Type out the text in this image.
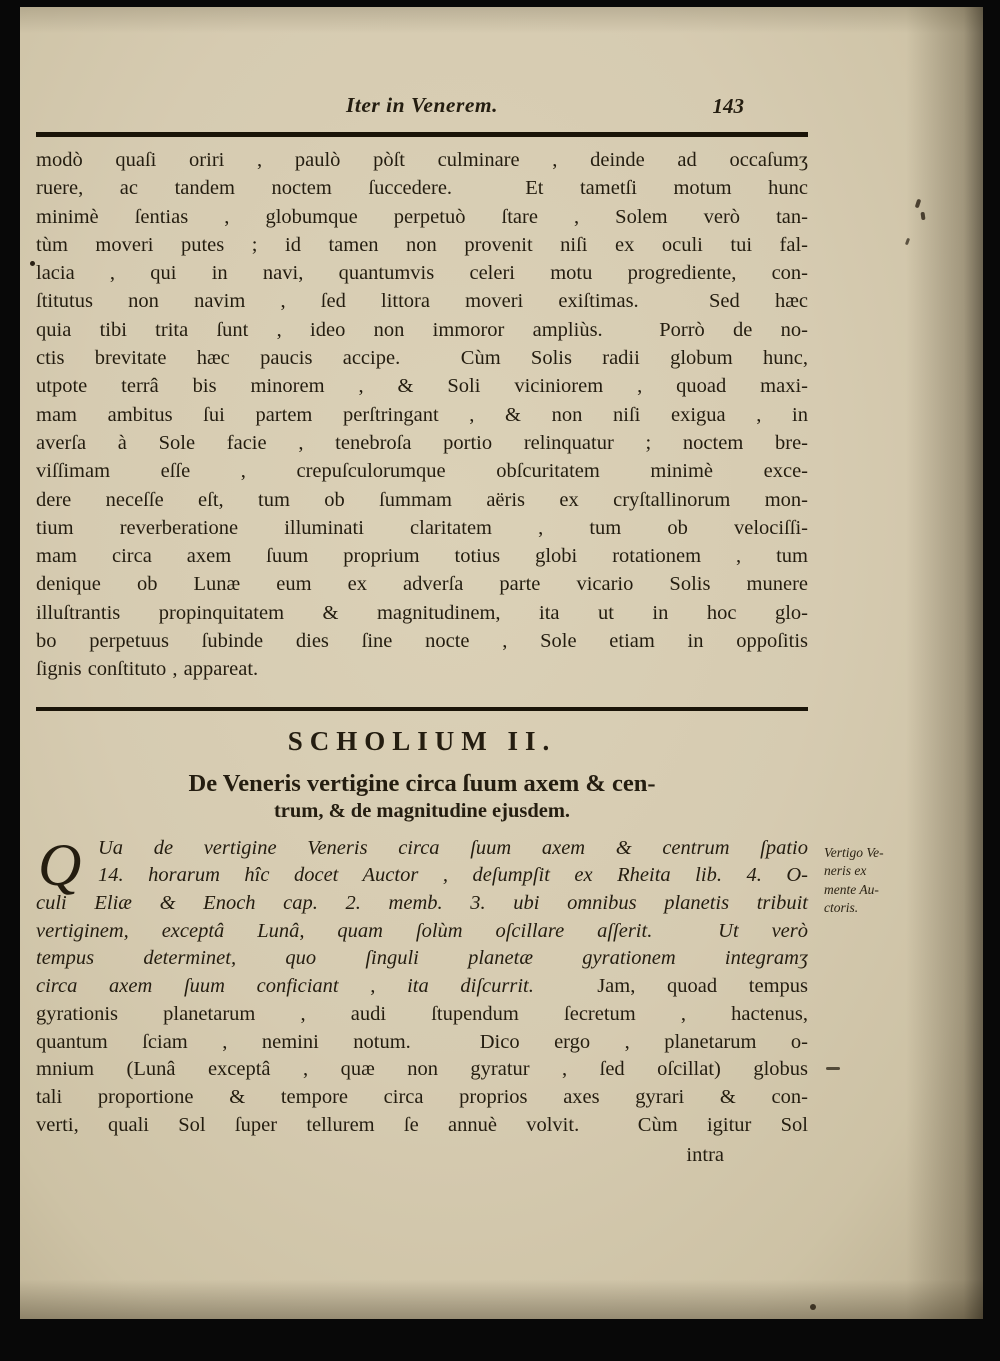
Iter in Venerem.	143
modò quaſi oriri , paulò pòſt culminare , deinde ad occaſumʒ
ruere, ac tandem noctem ſuccedere.  Et tametſi motum hunc
minimè ſentias , globumque perpetuò ſtare , Solem verò tan-
tùm moveri putes ; id tamen non provenit niſi ex oculi tui fal-
lacia , qui in navi, quantumvis celeri motu progrediente, con-
ſtitutus non navim , ſed littora moveri exiſtimas.  Sed hæc
quia tibi trita ſunt , ideo non immoror ampliùs.  Porrò de no-
ctis brevitate hæc paucis accipe.  Cùm Solis radii globum hunc,
utpote terrâ bis minorem , & Soli viciniorem , quoad maxi-
mam ambitus ſui partem perſtringant , & non niſi exigua , in
averſa à Sole facie , tenebroſa portio relinquatur ; noctem bre-
viſſimam eſſe , crepuſculorumque obſcuritatem minimè exce-
dere neceſſe eſt, tum ob ſummam aëris ex cryſtallinorum mon-
tium reverberatione illuminati claritatem , tum ob velociſſi-
mam circa axem ſuum proprium totius globi rotationem , tum
denique ob Lunæ eum ex adverſa parte vicario Solis munere
illuſtrantis propinquitatem & magnitudinem, ita ut in hoc glo-
bo perpetuus ſubinde dies ſine nocte , Sole etiam in oppoſitis
ſignis conſtituto , appareat.
SCHOLIUM II.
De Veneris vertigine circa ſuum axem & cen-
trum, & de magnitudine ejusdem.
Q	Vertigo Ve-
neris ex
mente Au-
ctoris.
Ua de vertigine Veneris circa ſuum axem & centrum ſpatio
14. horarum hîc docet Auctor , deſumpſit ex Rheita lib. 4. O-
culi Eliæ & Enoch cap. 2. memb. 3. ubi omnibus planetis tribuit
vertiginem, exceptâ Lunâ, quam ſolùm oſcillare aſſerit.  Ut verò
tempus determinet, quo ſinguli planetæ gyrationem integramʒ
circa axem ſuum conficiant , ita diſcurrit.  Jam, quoad tempus
gyrationis planetarum , audi ſtupendum ſecretum , hactenus,
quantum ſciam , nemini notum.  Dico ergo , planetarum o-
mnium (Lunâ exceptâ , quæ non gyratur , ſed oſcillat) globus
tali proportione & tempore circa proprios axes gyrari & con-
verti, quali Sol ſuper tellurem ſe annuè volvit.  Cùm igitur Sol
intra
